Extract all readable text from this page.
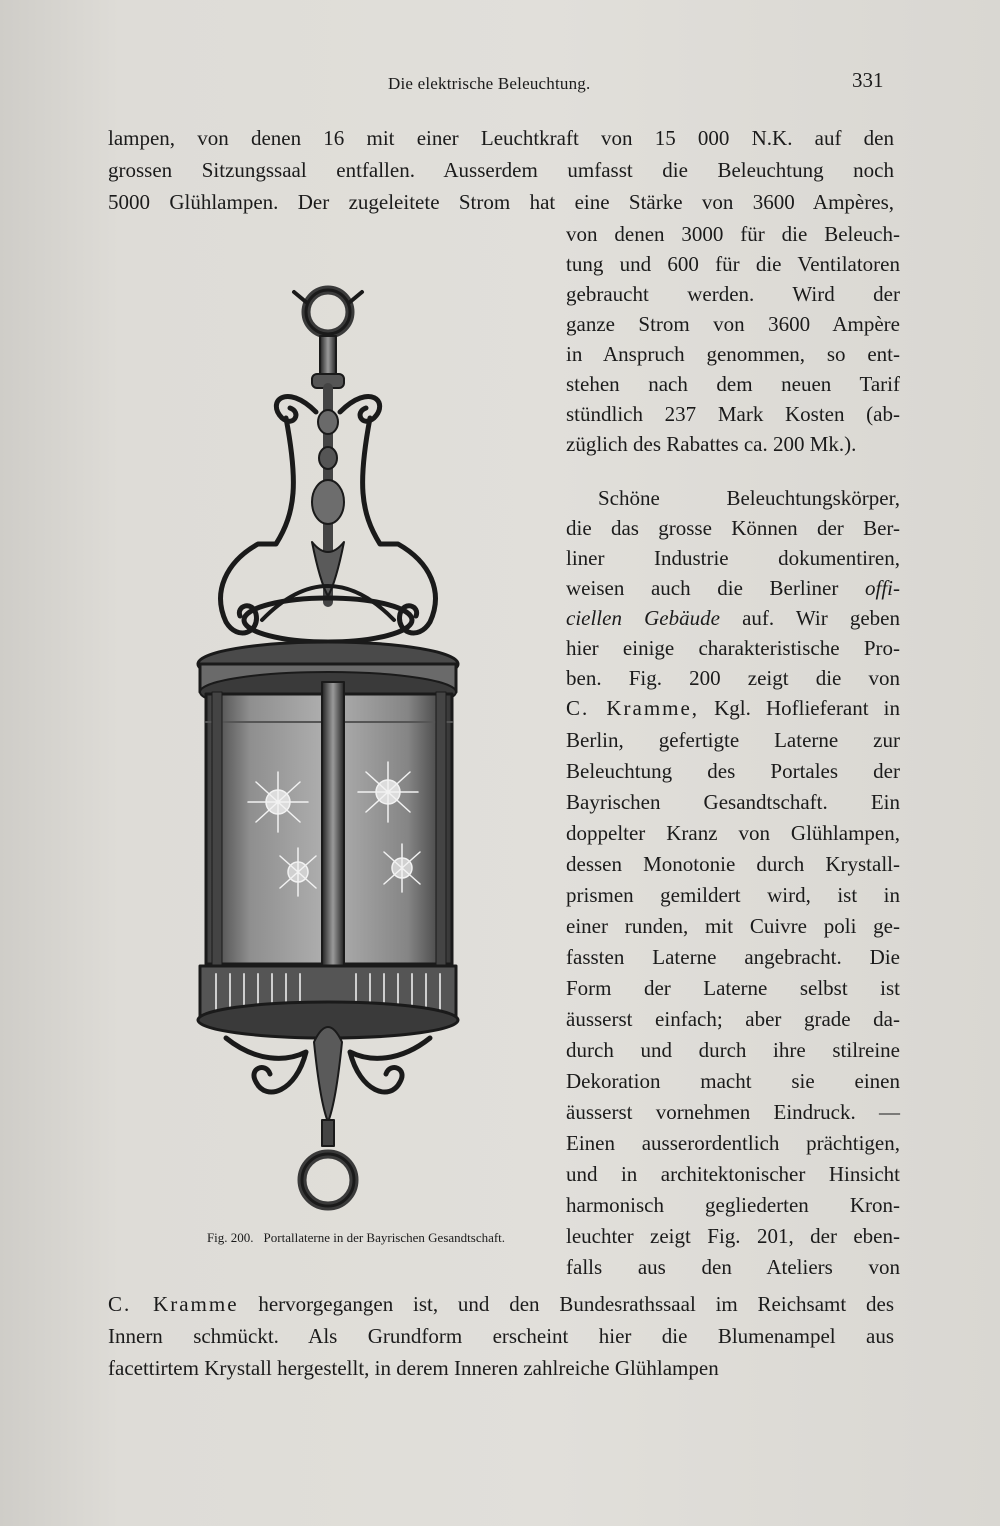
Die elektrische Beleuchtung.	331
lampen, von denen 16 mit einer Leuchtkraft von 15 000 N.K. auf den
grossen Sitzungssaal entfallen. Ausserdem umfasst die Beleuchtung noch
5000 Glühlampen. Der zugeleitete Strom hat eine Stärke von 3600 Ampères,
von denen 3000 für die Beleuch-
tung und 600 für die Ventilatoren
gebraucht werden. Wird der
ganze Strom von 3600 Ampère
in Anspruch genommen, so ent-
stehen nach dem neuen Tarif
stündlich 237 Mark Kosten (ab-
züglich des Rabattes ca. 200 Mk.).
Schöne Beleuchtungskörper,
die das grosse Können der Ber-
liner Industrie dokumentiren,
weisen auch die Berliner offi-
ciellen Gebäude auf. Wir geben
hier einige charakteristische Pro-
ben. Fig. 200 zeigt die von
C. Kramme, Kgl. Hoflieferant in
Berlin, gefertigte Laterne zur
Beleuchtung des Portales der
Bayrischen Gesandtschaft. Ein
doppelter Kranz von Glühlampen,
dessen Monotonie durch Krystall-
prismen gemildert wird, ist in
einer runden, mit Cuivre poli ge-
fassten Laterne angebracht. Die
Form der Laterne selbst ist
äusserst einfach; aber grade da-
durch und durch ihre stilreine
Dekoration macht sie einen
äusserst vornehmen Eindruck. —
Einen ausserordentlich prächtigen,
und in architektonischer Hinsicht
harmonisch gegliederten Kron-
leuchter zeigt Fig. 201, der eben-
falls aus den Ateliers von
C. Kramme hervorgegangen ist, und den Bundesrathssaal im Reichsamt des
Innern schmückt. Als Grundform erscheint hier die Blumenampel aus
facettirtem Krystall hergestellt, in derem Inneren zahlreiche Glühlampen
Fig. 200. Portallaterne in der Bayrischen Gesandtschaft.
